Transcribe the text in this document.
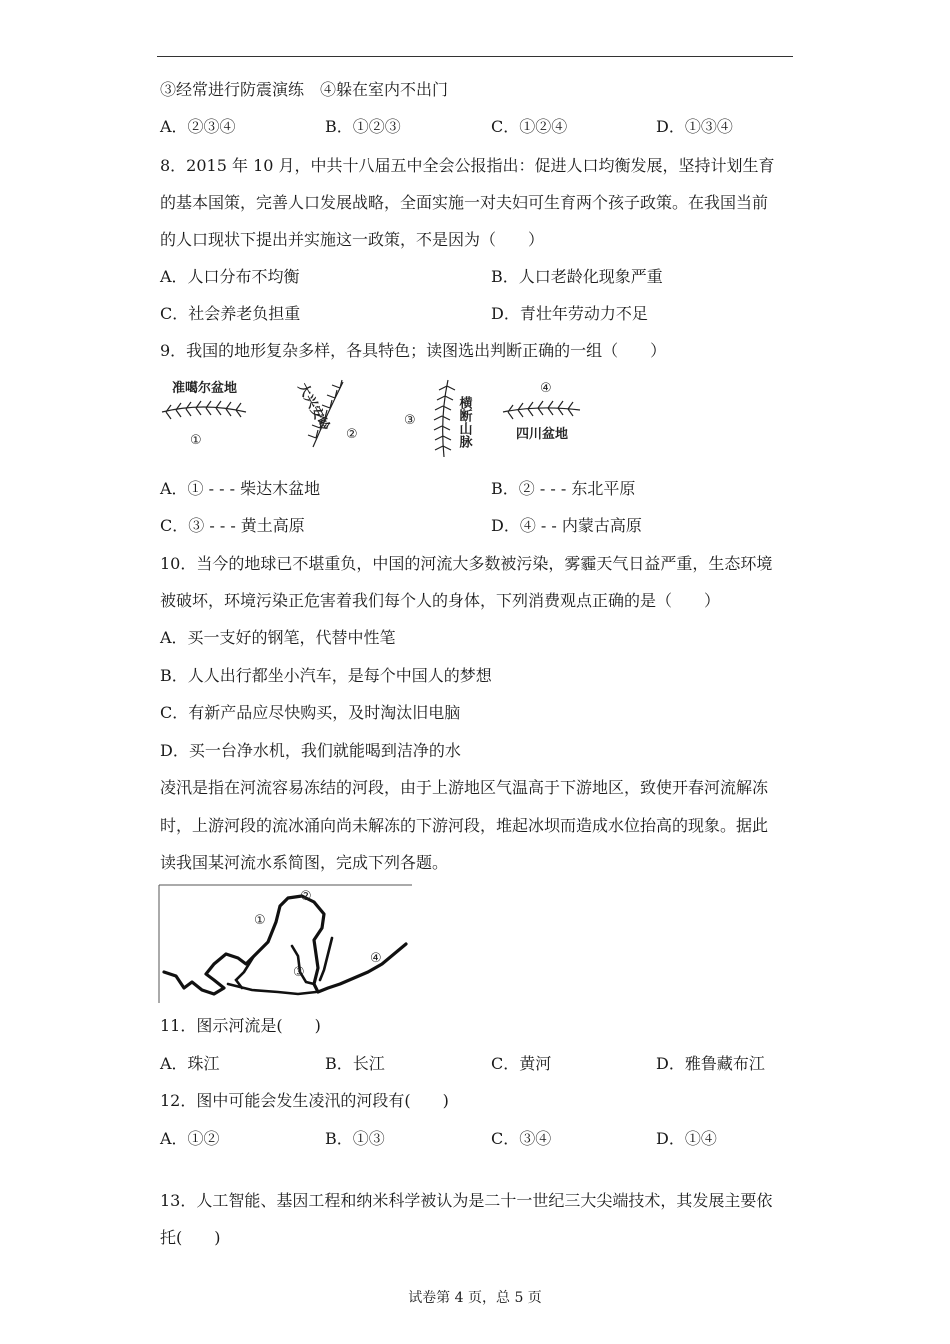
③经常进行防震演练　④躲在室内不出门
A．②③④	B．①②③	C．①②④	D．①③④
8．2015 年 10 月，中共十八届五中全会公报指出：促进人口均衡发展，坚持计划生育
的基本国策，完善人口发展战略，全面实施一对夫妇可生育两个孩子政策。在我国当前
的人口现状下提出并实施这一政策，不是因为（　　）
A．人口分布不均衡	B．人口老龄化现象严重
C．社会养老负担重	D．青壮年劳动力不足
9．我国的地形复杂多样，各具特色；读图选出判断正确的一组（　　）
准噶尔盆地
①
大兴安岭
②
③	横断山脉
④
四川盆地
A．① - - - 柴达木盆地	B．② - - - 东北平原
C．③ - - - 黄土高原	D．④ - - 内蒙古高原
10．当今的地球已不堪重负，中国的河流大多数被污染，雾霾天气日益严重，生态环境
被破坏，环境污染正危害着我们每个人的身体，下列消费观点正确的是（　　）
A．买一支好的钢笔，代替中性笔
B．人人出行都坐小汽车，是每个中国人的梦想
C．有新产品应尽快购买，及时淘汰旧电脑
D．买一台净水机，我们就能喝到洁净的水
凌汛是指在河流容易冻结的河段，由于上游地区气温高于下游地区，致使开春河流解冻
时，上游河段的流冰涌向尚未解冻的下游河段，堆起冰坝而造成水位抬高的现象。据此
读我国某河流水系简图，完成下列各题。
②
①
③
④
11．图示河流是(　　)
A．珠江	B．长江	C．黄河	D．雅鲁藏布江
12．图中可能会发生凌汛的河段有(　　)
A．①②	B．①③	C．③④	D．①④
13．人工智能、基因工程和纳米科学被认为是二十一世纪三大尖端技术，其发展主要依
托(　　)
试卷第 4 页，总 5 页
